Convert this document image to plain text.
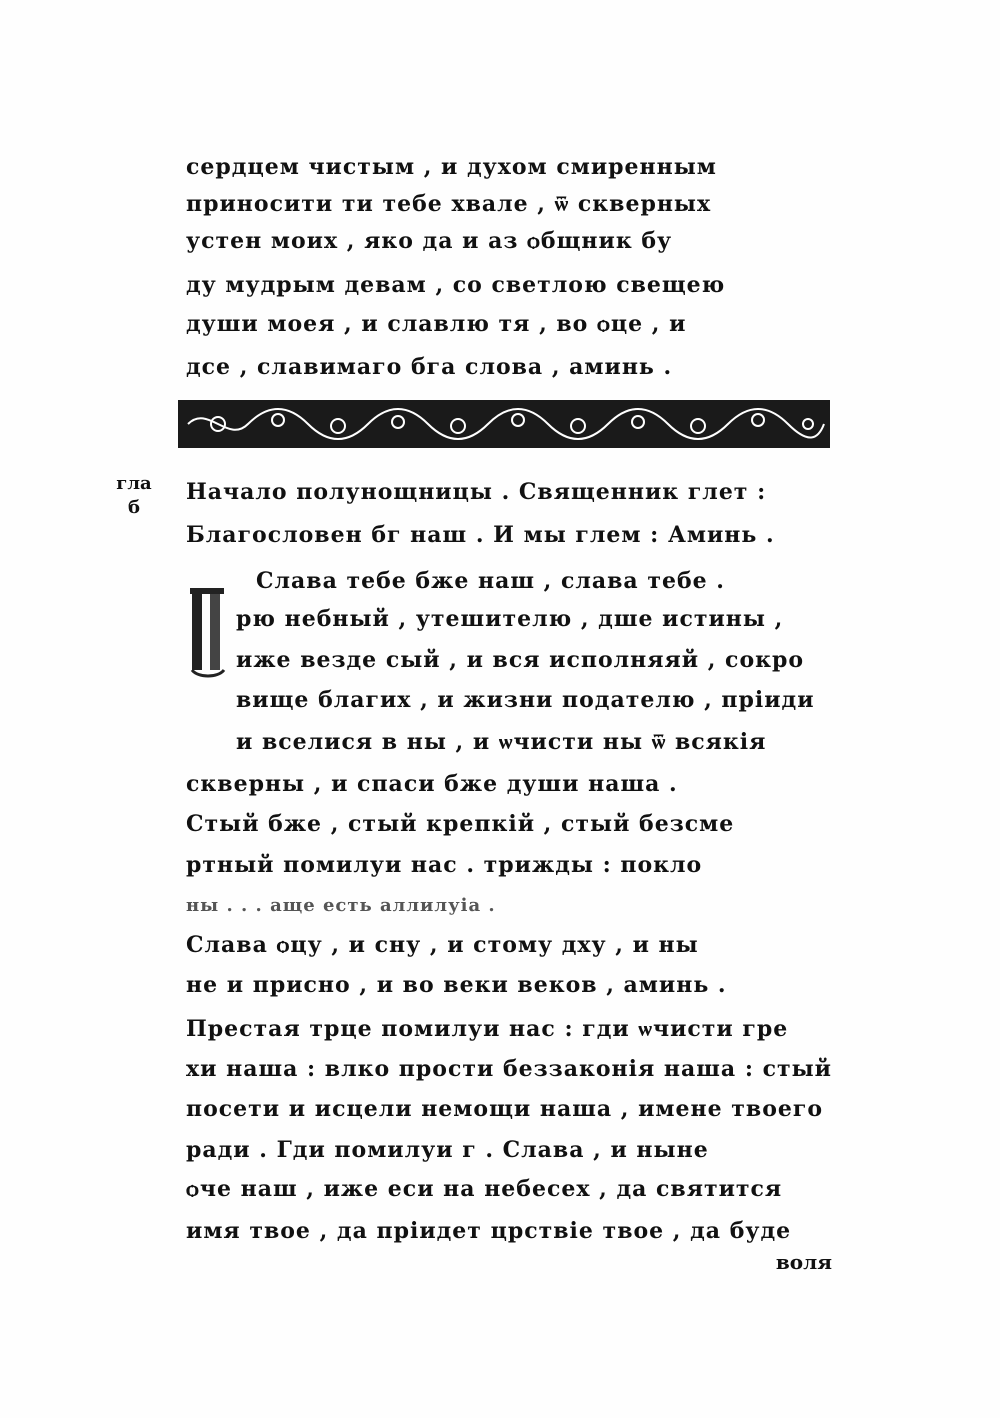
сердцем чистым , и духом смиренным
приносити ти тебе хвале , ѿ скверных
устен моих , яко да и аз ѻбщник бу
ду мудрым девам , со светлою свещею
души моея , и славлю тя , во ѻце , и
дсе , славимаго бга слова , аминь .
гла
б
Начало полунощницы . Священник глет :
Благословен бг наш . И мы глем : Аминь .
Слава тебе бже наш , слава тебе .
рю небный , утешителю , дше истины ,
иже везде сый , и вся исполняяй , сокро
вище благих , и жизни подателю , прiиди
и вселися в ны , и ѡчисти ны ѿ всякiя
скверны , и спаси бже души наша .
Стый бже , стый крепкiй , стый безсме
ртный помилуи нас . трижды : покло
ны . . . аще есть аллилуiа .
Слава ѻцу , и сну , и стому дху , и ны
не и присно , и во веки веков , аминь .
Престая трце помилуи нас : гди ѡчисти гре
хи наша : влко прости беззаконiя наша : стый
посети и исцели немощи наша , имене твоего
ради . Гди помилуи г . Слава , и нынe
ѻче наш , иже еси на небесех , да святится
имя твое , да прiидет црствiе твое , да буде
воля
